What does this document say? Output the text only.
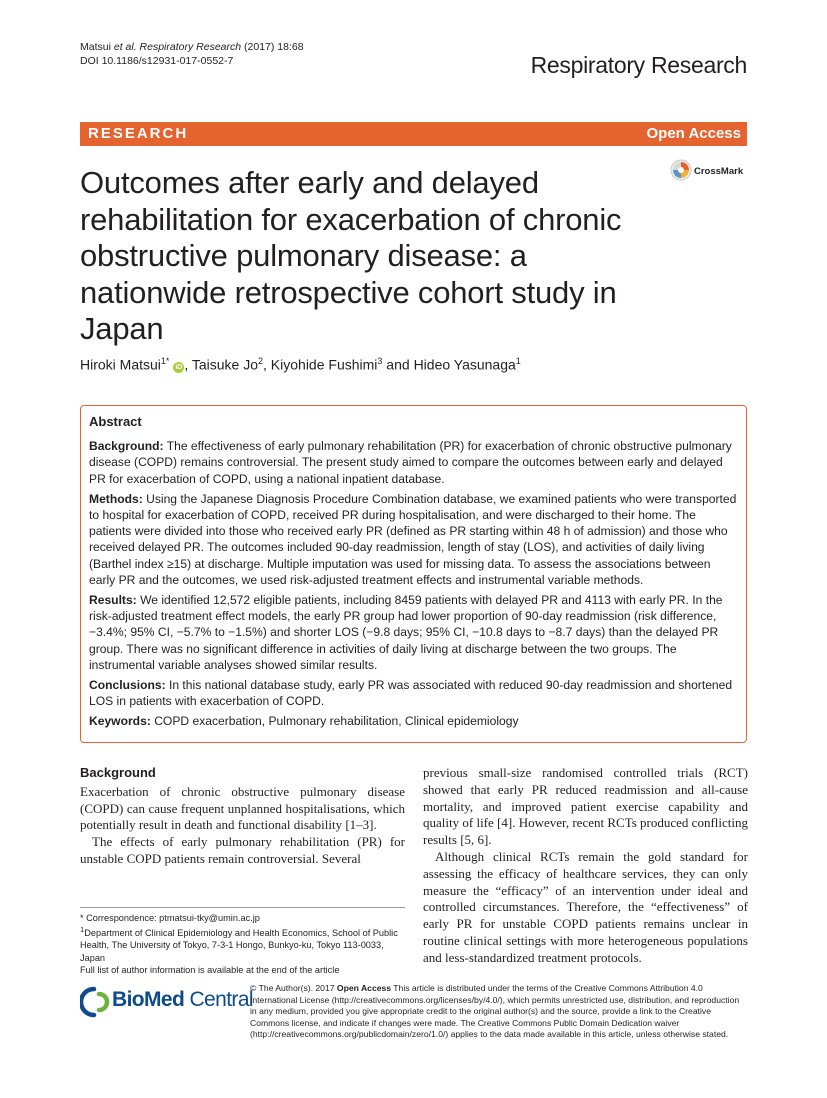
Matsui et al. Respiratory Research (2017) 18:68
DOI 10.1186/s12931-017-0552-7	Respiratory Research
RESEARCH	Open Access
CrossMark
Outcomes after early and delayed rehabilitation for exacerbation of chronic obstructive pulmonary disease: a nationwide retrospective cohort study in Japan
Hiroki Matsui$^{1*}$ iD , Taisuke Jo$^2$, Kiyohide Fushimi$^3$ and Hideo Yasunaga$^1$

Abstract

Background: The effectiveness of early pulmonary rehabilitation (PR) for exacerbation of chronic obstructive pulmonary disease (COPD) remains controversial. The present study aimed to compare the outcomes between early and delayed PR for exacerbation of COPD, using a national inpatient database.

Methods: Using the Japanese Diagnosis Procedure Combination database, we examined patients who were transported to hospital for exacerbation of COPD, received PR during hospitalisation, and were discharged to their home. The patients were divided into those who received early PR (defined as PR starting within 48 h of admission) and those who received delayed PR. The outcomes included 90-day readmission, length of stay (LOS), and activities of daily living (Barthel index ≥15) at discharge. Multiple imputation was used for missing data. To assess the associations between early PR and the outcomes, we used risk-adjusted treatment effects and instrumental variable methods.

Results: We identified 12,572 eligible patients, including 8459 patients with delayed PR and 4113 with early PR. In the risk-adjusted treatment effect models, the early PR group had lower proportion of 90-day readmission (risk difference, −3.4%; 95% CI, −5.7% to −1.5%) and shorter LOS (−9.8 days; 95% CI, −10.8 days to −8.7 days) than the delayed PR group. There was no significant difference in activities of daily living at discharge between the two groups. The instrumental variable analyses showed similar results.

Conclusions: In this national database study, early PR was associated with reduced 90-day readmission and shortened LOS in patients with exacerbation of COPD.

Keywords: COPD exacerbation, Pulmonary rehabilitation, Clinical epidemiology

Background

Exacerbation of chronic obstructive pulmonary disease (COPD) can cause frequent unplanned hospitalisations, which potentially result in death and functional disability [1–3].

The effects of early pulmonary rehabilitation (PR) for unstable COPD patients remain controversial. Several

previous small-size randomised controlled trials (RCT) showed that early PR reduced readmission and all-cause mortality, and improved patient exercise capability and quality of life [4]. However, recent RCTs produced conflicting results [5, 6].

Although clinical RCTs remain the gold standard for assessing the efficacy of healthcare services, they can only measure the “efficacy” of an intervention under ideal and controlled circumstances. Therefore, the “effectiveness” of early PR for unstable COPD patients remains unclear in routine clinical settings with more heterogeneous populations and less-standardized treatment protocols.

* Correspondence: ptmatsui-tky@umin.ac.jp

$^1$Department of Clinical Epidemiology and Health Economics, School of Public Health, The University of Tokyo, 7-3-1 Hongo, Bunkyo-ku, Tokyo 113-0033, Japan

Full list of author information is available at the end of the article

BioMed Central
© The Author(s). 2017 Open Access This article is distributed under the terms of the Creative Commons Attribution 4.0 International License (http://creativecommons.org/licenses/by/4.0/), which permits unrestricted use, distribution, and reproduction in any medium, provided you give appropriate credit to the original author(s) and the source, provide a link to the Creative Commons license, and indicate if changes were made. The Creative Commons Public Domain Dedication waiver (http://creativecommons.org/publicdomain/zero/1.0/) applies to the data made available in this article, unless otherwise stated.
